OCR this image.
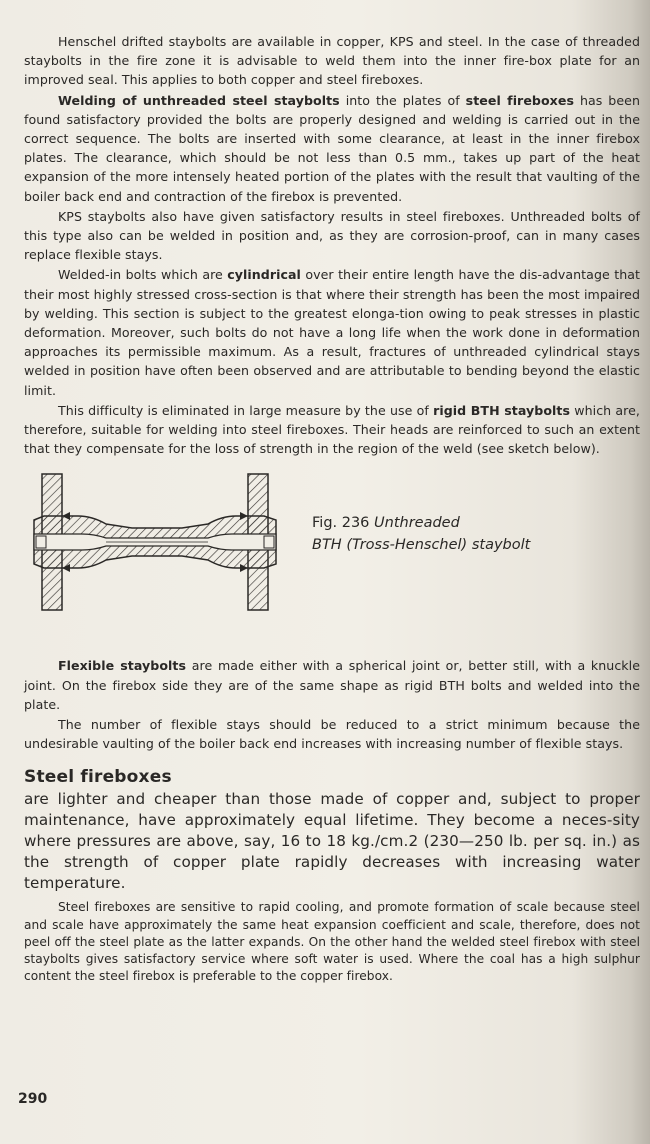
Henschel drifted staybolts are available in copper, KPS and steel. In the case of threaded staybolts in the fire zone it is advisable to weld them into the inner fire-box plate for an improved seal. This applies to both copper and steel fireboxes.

Welding of unthreaded steel staybolts into the plates of steel fireboxes has been found satisfactory provided the bolts are properly designed and welding is carried out in the correct sequence. The bolts are inserted with some clearance, at least in the inner firebox plates. The clearance, which should be not less than 0.5 mm., takes up part of the heat expansion of the more intensely heated portion of the plates with the result that vaulting of the boiler back end and contraction of the firebox is prevented.

KPS staybolts also have given satisfactory results in steel fireboxes. Unthreaded bolts of this type also can be welded in position and, as they are corrosion-proof, can in many cases replace flexible stays.

Welded-in bolts which are cylindrical over their entire length have the dis-advantage that their most highly stressed cross-section is that where their strength has been the most impaired by welding. This section is subject to the greatest elonga-tion owing to peak stresses in plastic deformation. Moreover, such bolts do not have a long life when the work done in deformation approaches its permissible maximum. As a result, fractures of unthreaded cylindrical stays welded in position have often been observed and are attributable to bending beyond the elastic limit.

This difficulty is eliminated in large measure by the use of rigid BTH staybolts which are, therefore, suitable for welding into steel fireboxes. Their heads are reinforced to such an extent that they compensate for the loss of strength in the region of the weld (see sketch below).

Fig. 236 Unthreaded
BTH (Tross-Henschel) staybolt

Flexible staybolts are made either with a spherical joint or, better still, with a knuckle joint. On the firebox side they are of the same shape as rigid BTH bolts and welded into the plate.

The number of flexible stays should be reduced to a strict minimum because the undesirable vaulting of the boiler back end increases with increasing number of flexible stays.

Steel fireboxes

are lighter and cheaper than those made of copper and, subject to proper maintenance, have approximately equal lifetime. They become a neces-sity where pressures are above, say, 16 to 18 kg./cm.2 (230—250 lb. per sq. in.) as the strength of copper plate rapidly decreases with increasing water temperature.

Steel fireboxes are sensitive to rapid cooling, and promote formation of scale because steel and scale have approximately the same heat expansion coefficient and scale, therefore, does not peel off the steel plate as the latter expands. On the other hand the welded steel firebox with steel staybolts gives satisfactory service where soft water is used. Where the coal has a high sulphur content the steel firebox is preferable to the copper firebox.

290
